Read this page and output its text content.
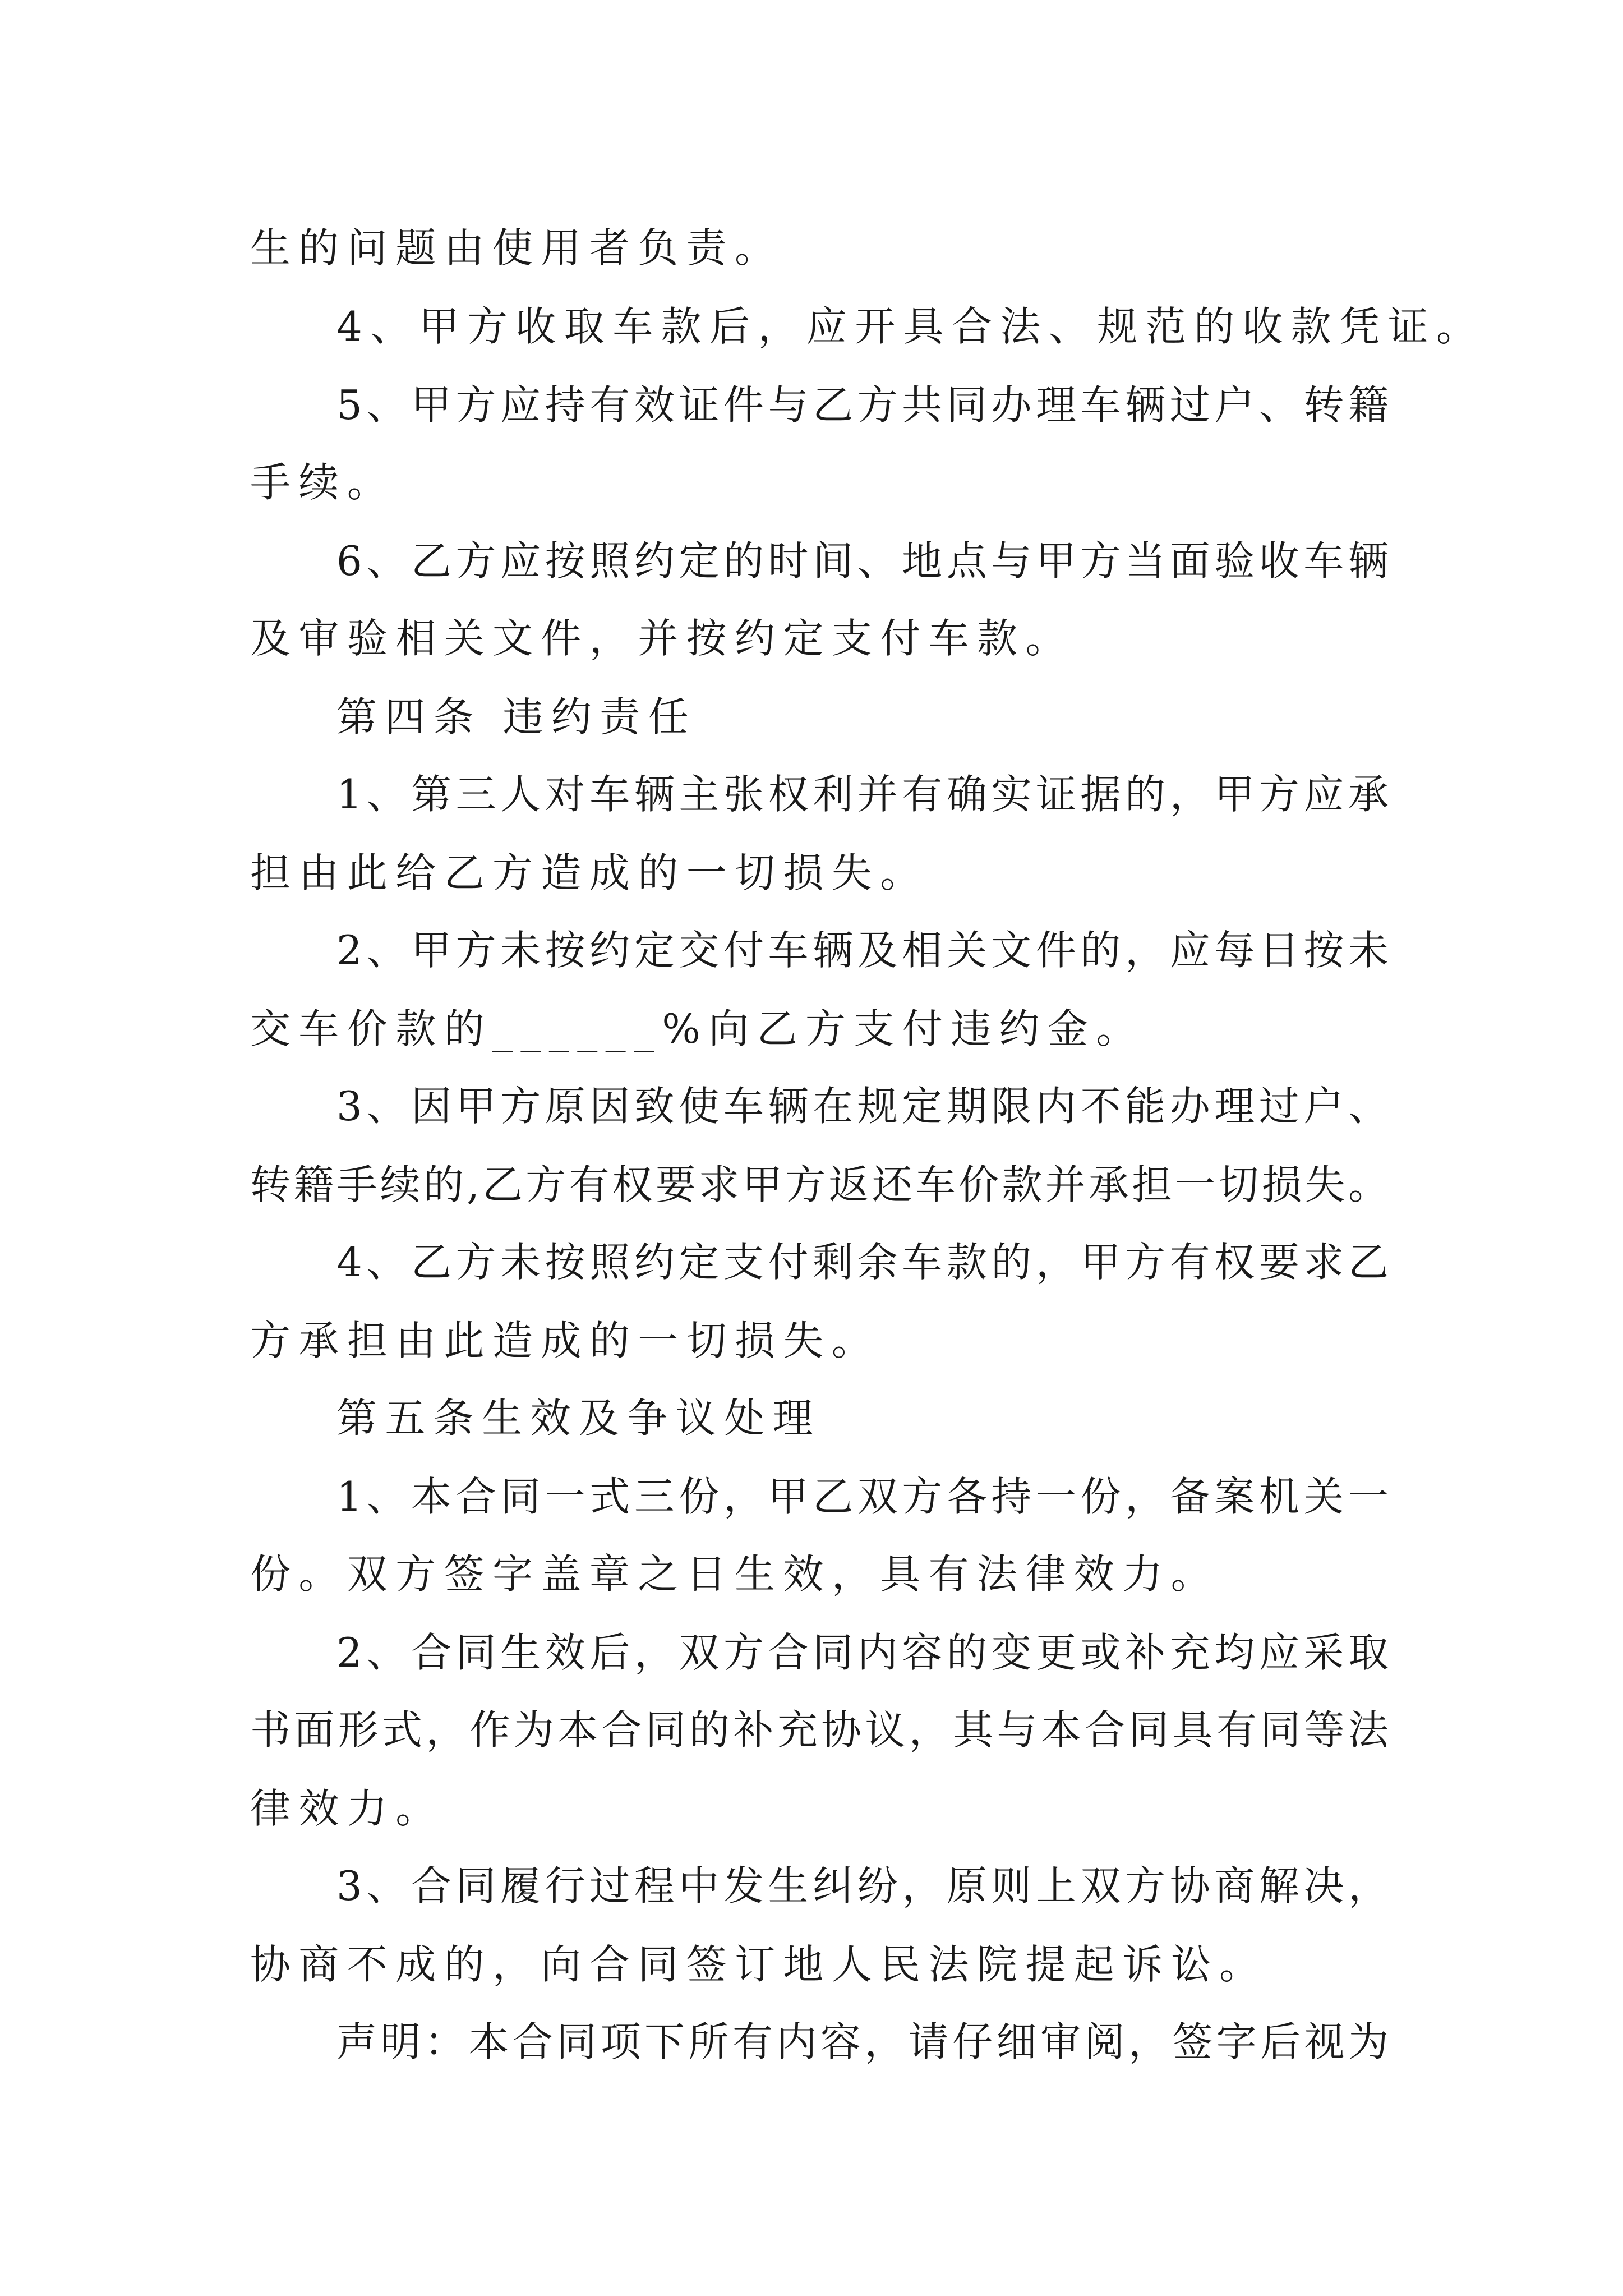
生的问题由使用者负责。
4、甲方收取车款后，应开具合法、规范的收款凭证。
5、甲方应持有效证件与乙方共同办理车辆过户、转籍
手续。
6、乙方应按照约定的时间、地点与甲方当面验收车辆
及审验相关文件，并按约定支付车款。
第四条 违约责任
1、第三人对车辆主张权利并有确实证据的，甲方应承
担由此给乙方造成的一切损失。
2、甲方未按约定交付车辆及相关文件的，应每日按未
交车价款的______%向乙方支付违约金。
3、因甲方原因致使车辆在规定期限内不能办理过户、
转籍手续的,乙方有权要求甲方返还车价款并承担一切损失。
4、乙方未按照约定支付剩余车款的，甲方有权要求乙
方承担由此造成的一切损失。
第五条生效及争议处理
1、本合同一式三份，甲乙双方各持一份，备案机关一
份。双方签字盖章之日生效，具有法律效力。
2、合同生效后，双方合同内容的变更或补充均应采取
书面形式，作为本合同的补充协议，其与本合同具有同等法
律效力。
3、合同履行过程中发生纠纷，原则上双方协商解决，
协商不成的，向合同签订地人民法院提起诉讼。
声明：本合同项下所有内容，请仔细审阅，签字后视为
